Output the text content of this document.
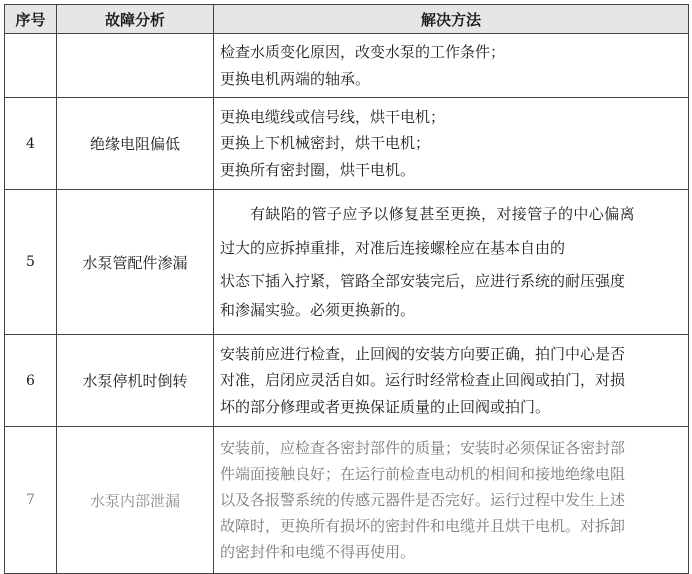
序号	故障分析	解决方法

		检查水质变化原因，改变水泵的工作条件；
更换电机两端的轴承。

4	绝缘电阻偏低	更换电缆线或信号线，烘干电机；
更换上下机械密封，烘干电机；
更换所有密封圈，烘干电机。

5	水泵管配件渗漏	有缺陷的管子应予以修复甚至更换，对接管子的中心偏离
过大的应拆掉重排，对准后连接螺栓应在基本自由的
状态下插入拧紧，管路全部安装完后，应进行系统的耐压强度
和渗漏实验。必须更换新的。

6	水泵停机时倒转	安装前应进行检查，止回阀的安装方向要正确，拍门中心是否
对准，启闭应灵活自如。运行时经常检查止回阀或拍门，对损
坏的部分修理或者更换保证质量的止回阀或拍门。

7	水泵内部泄漏	安装前，应检查各密封部件的质量；安装时必须保证各密封部
件端面接触良好；在运行前检查电动机的相间和接地绝缘电阻
以及各报警系统的传感元器件是否完好。运行过程中发生上述
故障时，更换所有损坏的密封件和电缆并且烘干电机。对拆卸
的密封件和电缆不得再使用。
